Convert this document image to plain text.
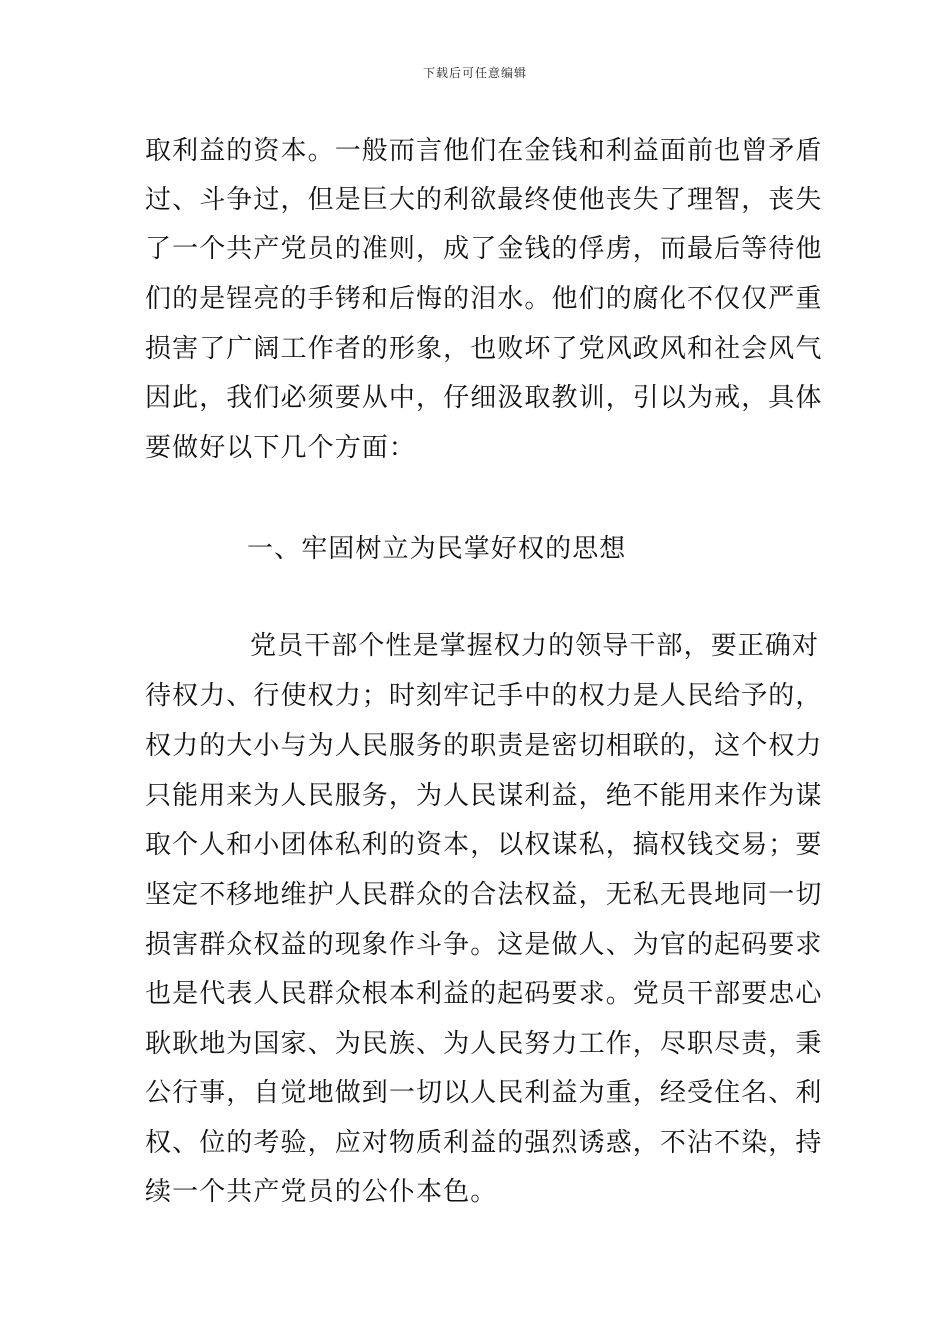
下载后可任意编辑
取利益的资本。一般而言他们在金钱和利益面前也曾矛盾
过、斗争过，但是巨大的利欲最终使他丧失了理智，丧失
了一个共产党员的准则，成了金钱的俘虏，而最后等待他
们的是锃亮的手铐和后悔的泪水。他们的腐化不仅仅严重
损害了广阔工作者的形象，也败坏了党风政风和社会风气
因此，我们必须要从中，仔细汲取教训，引以为戒，具体
要做好以下几个方面：
一、牢固树立为民掌好权的思想
党员干部个性是掌握权力的领导干部，要正确对
待权力、行使权力；时刻牢记手中的权力是人民给予的，
权力的大小与为人民服务的职责是密切相联的，这个权力
只能用来为人民服务，为人民谋利益，绝不能用来作为谋
取个人和小团体私利的资本，以权谋私，搞权钱交易；要
坚定不移地维护人民群众的合法权益，无私无畏地同一切
损害群众权益的现象作斗争。这是做人、为官的起码要求
也是代表人民群众根本利益的起码要求。党员干部要忠心
耿耿地为国家、为民族、为人民努力工作，尽职尽责，秉
公行事，自觉地做到一切以人民利益为重，经受住名、利
权、位的考验，应对物质利益的强烈诱惑，不沾不染，持
续一个共产党员的公仆本色。
